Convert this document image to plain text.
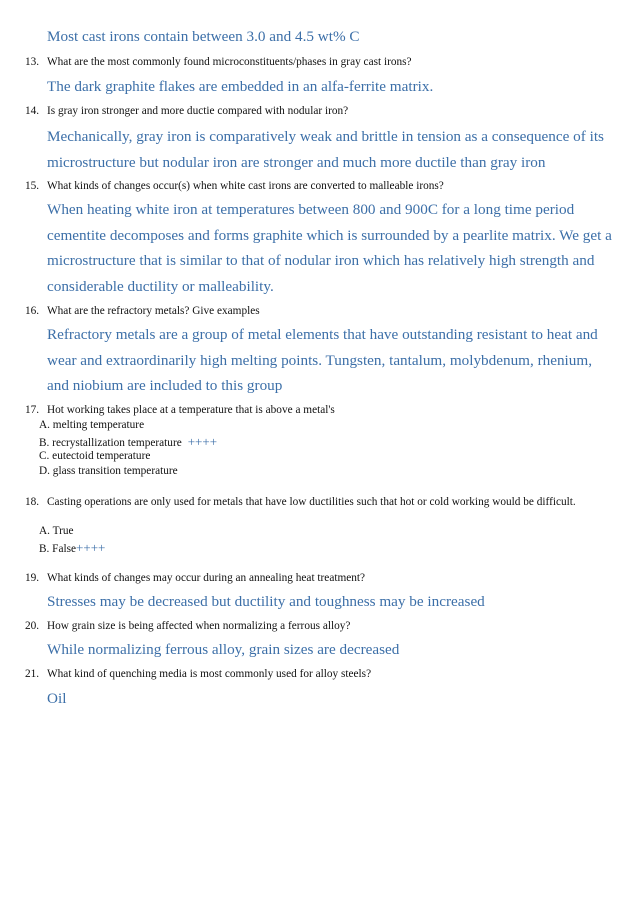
Most cast irons contain between 3.0 and 4.5 wt% C
13. What are the most commonly found microconstituents/phases in gray cast irons?
The dark graphite flakes are embedded in an alfa-ferrite matrix.
14. Is gray iron stronger and more ductie compared with nodular iron?
Mechanically, gray iron is comparatively weak and brittle in tension as a consequence of its
microstructure but nodular iron are stronger and much more ductile than gray iron
15. What kinds of changes occur(s) when white cast irons are converted to malleable irons?
When heating white iron at temperatures between 800 and 900C for a long time period
cementite decomposes and forms graphite which is surrounded by a pearlite matrix. We get a
microstructure that is similar to that of nodular iron which has relatively high strength and
considerable ductility or malleability.
16. What are the refractory metals? Give examples
Refractory metals are a group of metal elements that have outstanding resistant to heat and
wear and extraordinarily high melting points. Tungsten, tantalum, molybdenum, rhenium,
and niobium are included to this group
17. Hot working takes place at a temperature that is above a metal's
A. melting temperature
B. recrystallization temperature ++++
C. eutectoid temperature
D. glass transition temperature
18. Casting operations are only used for metals that have low ductilities such that hot or cold working would be difficult.
A. True
B. False++++
19. What kinds of changes may occur during an annealing heat treatment?
Stresses may be decreased but ductility and toughness may be increased
20. How grain size is being affected when normalizing a ferrous alloy?
While normalizing ferrous alloy, grain sizes are decreased
21. What kind of quenching media is most commonly used for alloy steels?
Oil
